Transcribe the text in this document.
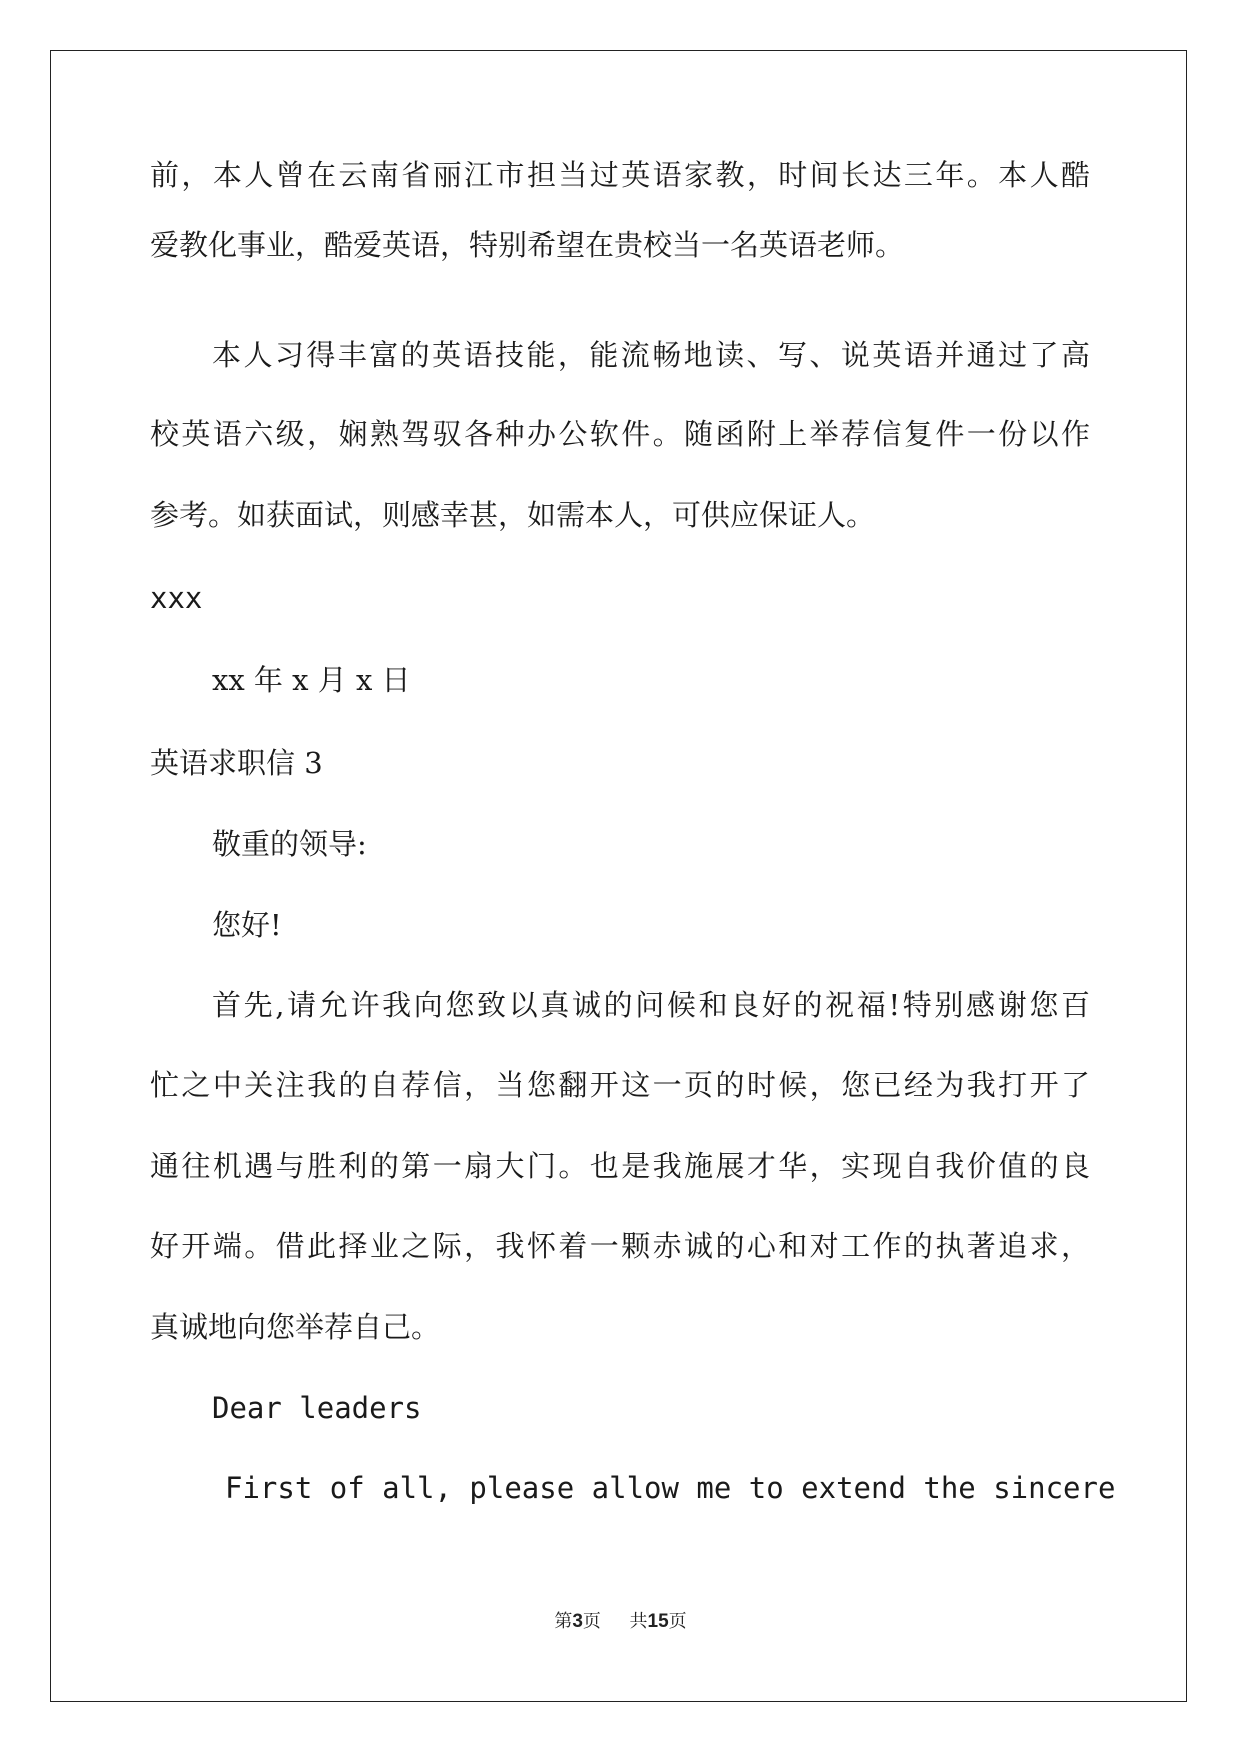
前，本人曾在云南省丽江市担当过英语家教，时间长达三年。本人酷
爱教化事业，酷爱英语，特别希望在贵校当一名英语老师。
本人习得丰富的英语技能，能流畅地读、写、说英语并通过了高
校英语六级，娴熟驾驭各种办公软件。随函附上举荐信复件一份以作
参考。如获面试，则感幸甚，如需本人，可供应保证人。
xxx
xx 年 x 月 x 日
英语求职信 3
敬重的领导:
您好!
首先,请允许我向您致以真诚的问候和良好的祝福!特别感谢您百
忙之中关注我的自荐信，当您翻开这一页的时候，您已经为我打开了
通往机遇与胜利的第一扇大门。也是我施展才华，实现自我价值的良
好开端。借此择业之际，我怀着一颗赤诚的心和对工作的执著追求，
真诚地向您举荐自己。
Dear leaders
First of all, please allow me to extend the sincere
第3页 共15页
